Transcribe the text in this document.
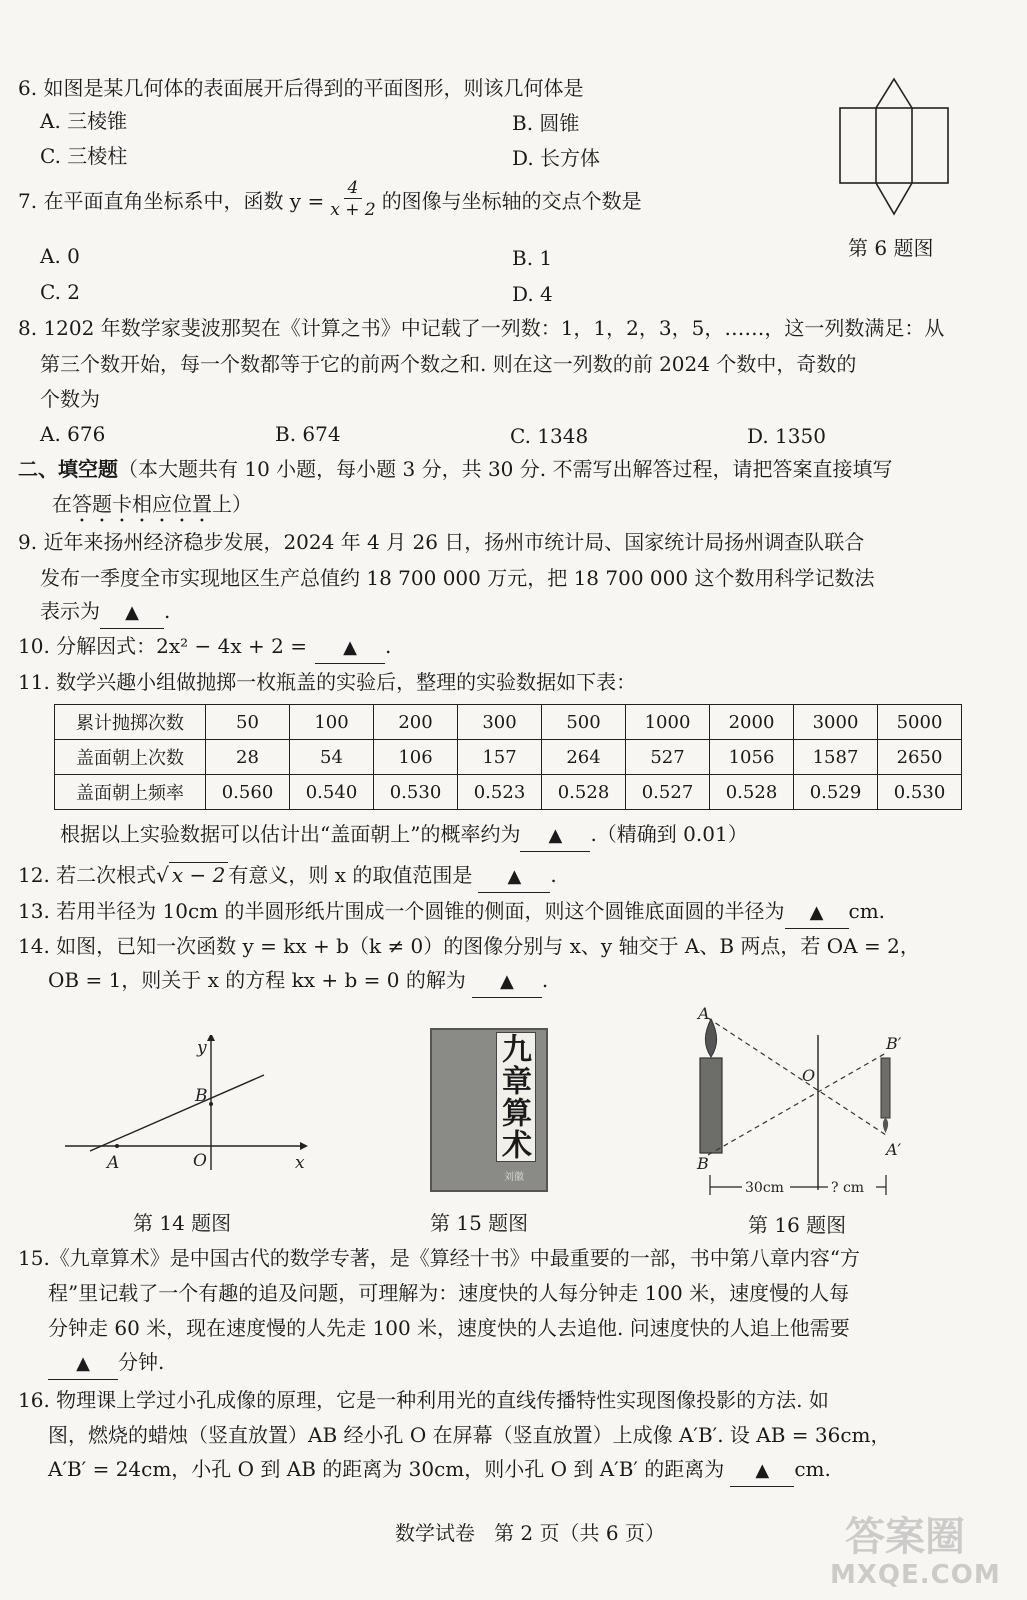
6. 如图是某几何体的表面展开后得到的平面图形，则该几何体是
A. 三棱锥	B. 圆锥
C. 三棱柱	D. 长方体
第 6 题图
7. 在平面直角坐标系中，函数 $y = \frac{4}{x + 2}$ 的图像与坐标轴的交点个数是
A. 0	B. 1
C. 2	D. 4
8. 1202 年数学家斐波那契在《计算之书》中记载了一列数：1，1，2，3，5，……，这一列数满足：从
第三个数开始，每一个数都等于它的前两个数之和. 则在这一列数的前 2024 个数中，奇数的
个数为
A. 676	B. 674	C. 1348	D. 1350
二、填空题（本大题共有 10 小题，每小题 3 分，共 30 分. 不需写出解答过程，请把答案直接填写
在答题卡相应位置上）
9. 近年来扬州经济稳步发展，2024 年 4 月 26 日，扬州市统计局、国家统计局扬州调查队联合
发布一季度全市实现地区生产总值约 18 700 000 万元，把 18 700 000 这个数用科学记数法
表示为 ▲ .
10. 分解因式：2x² − 4x + 2 = ▲ .
11. 数学兴趣小组做抛掷一枚瓶盖的实验后，整理的实验数据如下表：
累计抛掷次数	50	100	200	300	500	1000	2000	3000	5000
盖面朝上次数	28	54	106	157	264	527	1056	1587	2650
盖面朝上频率	0.560	0.540	0.530	0.523	0.528	0.527	0.528	0.529	0.530
根据以上实验数据可以估计出“盖面朝上”的概率约为 ▲ .（精确到 0.01）
12. 若二次根式√ x − 2 有意义，则 x 的取值范围是 ▲ .
13. 若用半径为 10cm 的半圆形纸片围成一个圆锥的侧面，则这个圆锥底面圆的半径为 ▲ cm.
14. 如图，已知一次函数 y = kx + b（k ≠ 0）的图像分别与 x、y 轴交于 A、B 两点，若 OA = 2，
OB = 1，则关于 x 的方程 kx + b = 0 的解为 ▲ .
y
x
A
B
O
第 14 题图
九章算术
刘徽
第 15 题图
A
B
O
B′
A′
30cm	? cm
第 16 题图
15.《九章算术》是中国古代的数学专著，是《算经十书》中最重要的一部，书中第八章内容“方
程”里记载了一个有趣的追及问题，可理解为：速度快的人每分钟走 100 米，速度慢的人每
分钟走 60 米，现在速度慢的人先走 100 米，速度快的人去追他. 问速度快的人追上他需要
▲ 分钟.
16. 物理课上学过小孔成像的原理，它是一种利用光的直线传播特性实现图像投影的方法. 如
图，燃烧的蜡烛（竖直放置）AB 经小孔 O 在屏幕（竖直放置）上成像 A′B′. 设 AB = 36cm，
A′B′ = 24cm，小孔 O 到 AB 的距离为 30cm，则小孔 O 到 A′B′ 的距离为 ▲ cm.
数学试卷   第 2 页（共 6 页）	答案圈
MXQE.COM
